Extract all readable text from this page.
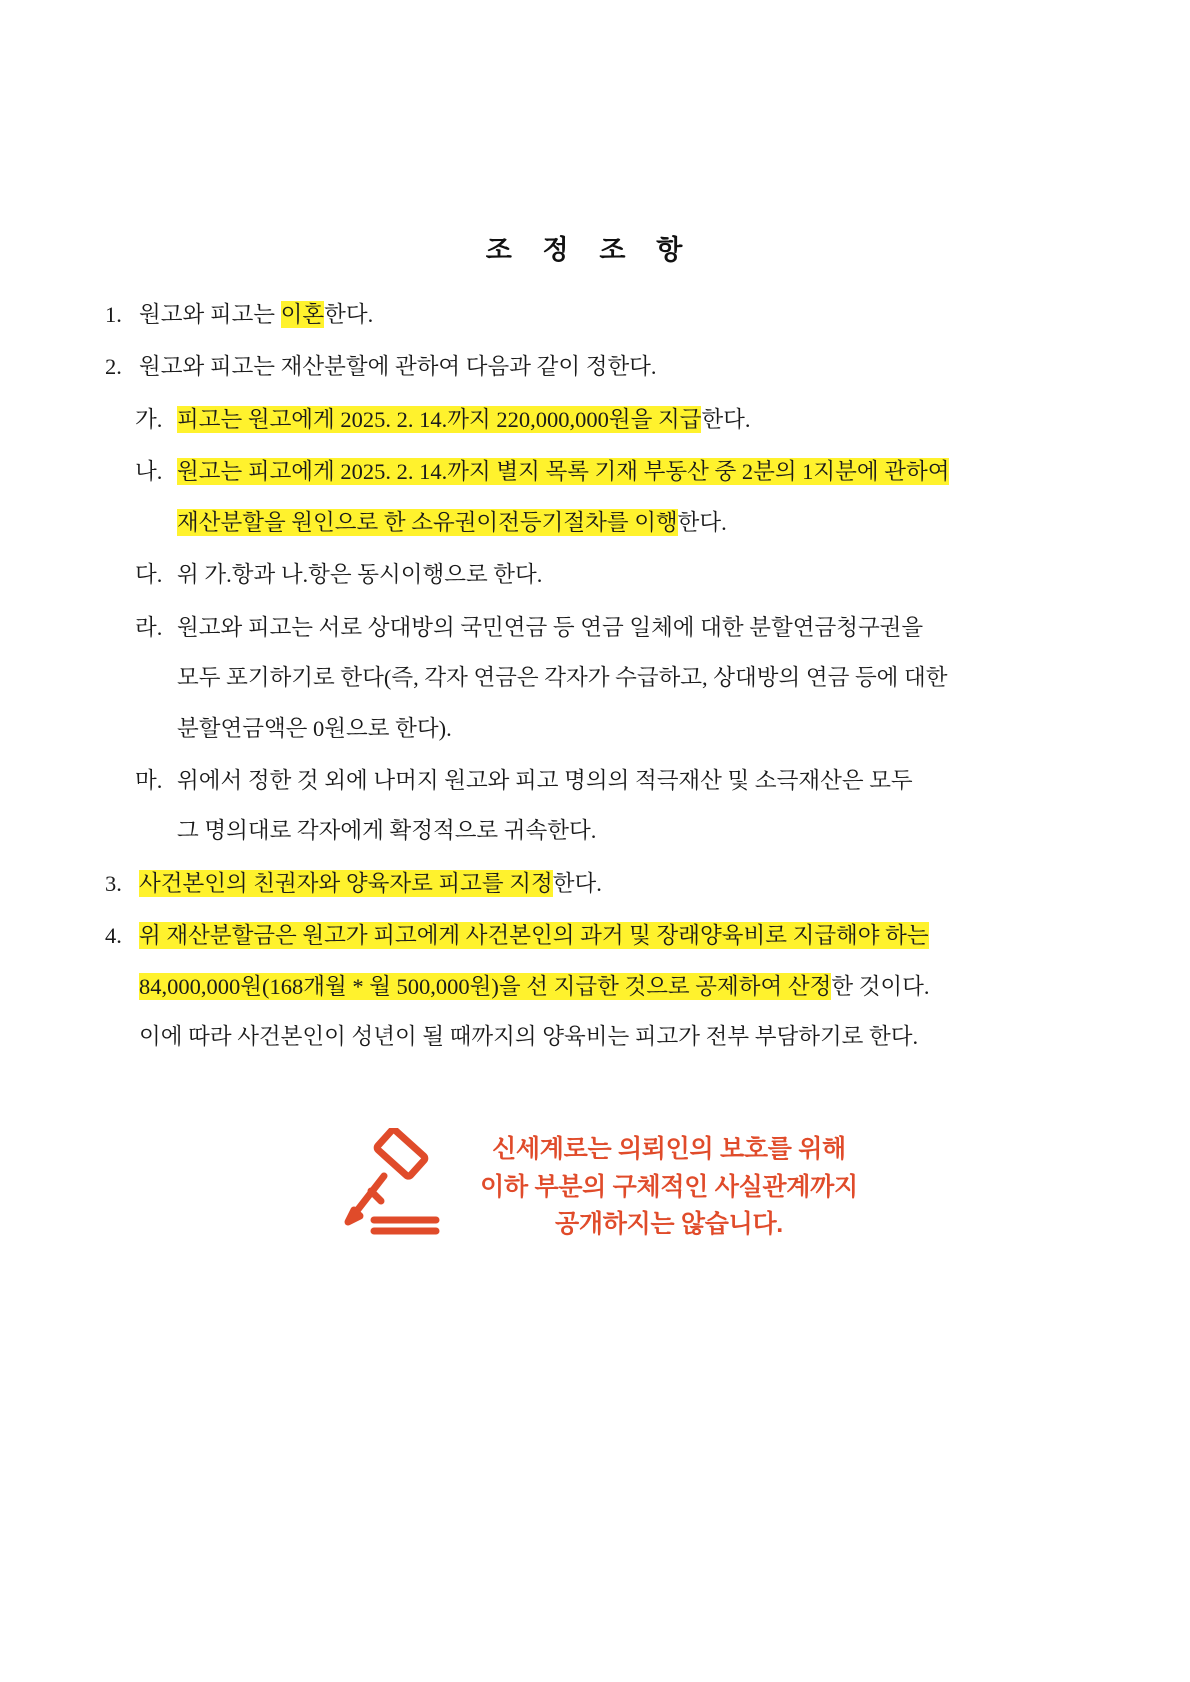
조 정 조 항
1. 원고와 피고는 이혼한다.
2. 원고와 피고는 재산분할에 관하여 다음과 같이 정한다.
가. 피고는 원고에게 2025. 2. 14.까지 220,000,000원을 지급한다.
나. 원고는 피고에게 2025. 2. 14.까지 별지 목록 기재 부동산 중 2분의 1지분에 관하여
재산분할을 원인으로 한 소유권이전등기절차를 이행한다.
다. 위 가.항과 나.항은 동시이행으로 한다.
라. 원고와 피고는 서로 상대방의 국민연금 등 연금 일체에 대한 분할연금청구권을
모두 포기하기로 한다(즉, 각자 연금은 각자가 수급하고, 상대방의 연금 등에 대한
분할연금액은 0원으로 한다).
마. 위에서 정한 것 외에 나머지 원고와 피고 명의의 적극재산 및 소극재산은 모두
그 명의대로 각자에게 확정적으로 귀속한다.
3. 사건본인의 친권자와 양육자로 피고를 지정한다.
4. 위 재산분할금은 원고가 피고에게 사건본인의 과거 및 장래양육비로 지급해야 하는
84,000,000원(168개월 * 월 500,000원)을 선 지급한 것으로 공제하여 산정한 것이다.
이에 따라 사건본인이 성년이 될 때까지의 양육비는 피고가 전부 부담하기로 한다.
신세계로는 의뢰인의 보호를 위해
이하 부분의 구체적인 사실관계까지
공개하지는 않습니다.
